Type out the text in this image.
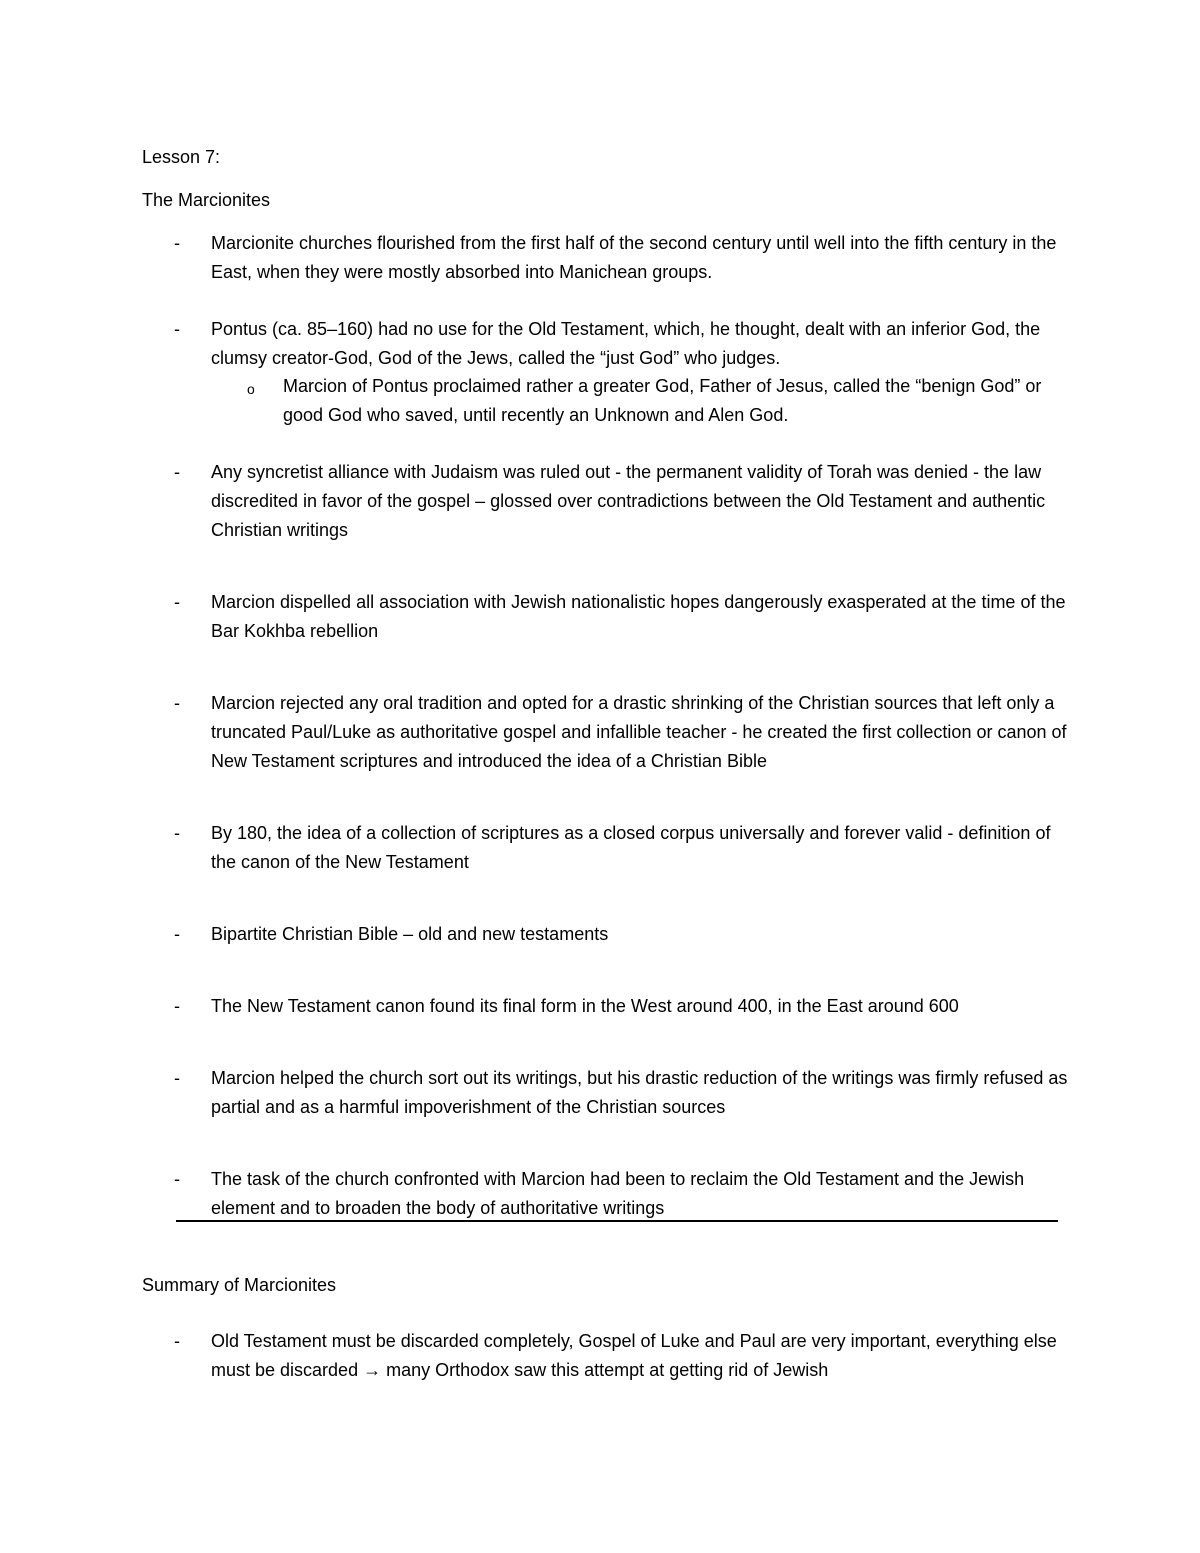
Lesson 7:
The Marcionites
- Marcionite churches flourished from the first half of the second century until well into the fifth century in the East, when they were mostly absorbed into Manichean groups.
- Pontus (ca. 85–160) had no use for the Old Testament, which, he thought, dealt with an inferior God, the clumsy creator-God, God of the Jews, called the “just God” who judges.
o Marcion of Pontus proclaimed rather a greater God, Father of Jesus, called the “benign God” or good God who saved, until recently an Unknown and Alen God.
- Any syncretist alliance with Judaism was ruled out - the permanent validity of Torah was denied - the law discredited in favor of the gospel – glossed over contradictions between the Old Testament and authentic Christian writings
- Marcion dispelled all association with Jewish nationalistic hopes dangerously exasperated at the time of the Bar Kokhba rebellion
- Marcion rejected any oral tradition and opted for a drastic shrinking of the Christian sources that left only a truncated Paul/Luke as authoritative gospel and infallible teacher - he created the first collection or canon of New Testament scriptures and introduced the idea of a Christian Bible
- By 180, the idea of a collection of scriptures as a closed corpus universally and forever valid - definition of the canon of the New Testament
- Bipartite Christian Bible – old and new testaments
- The New Testament canon found its final form in the West around 400, in the East around 600
- Marcion helped the church sort out its writings, but his drastic reduction of the writings was firmly refused as partial and as a harmful impoverishment of the Christian sources
- The task of the church confronted with Marcion had been to reclaim the Old Testament and the Jewish element and to broaden the body of authoritative writings
Summary of Marcionites
- Old Testament must be discarded completely, Gospel of Luke and Paul are very important, everything else must be discarded → many Orthodox saw this attempt at getting rid of Jewish
